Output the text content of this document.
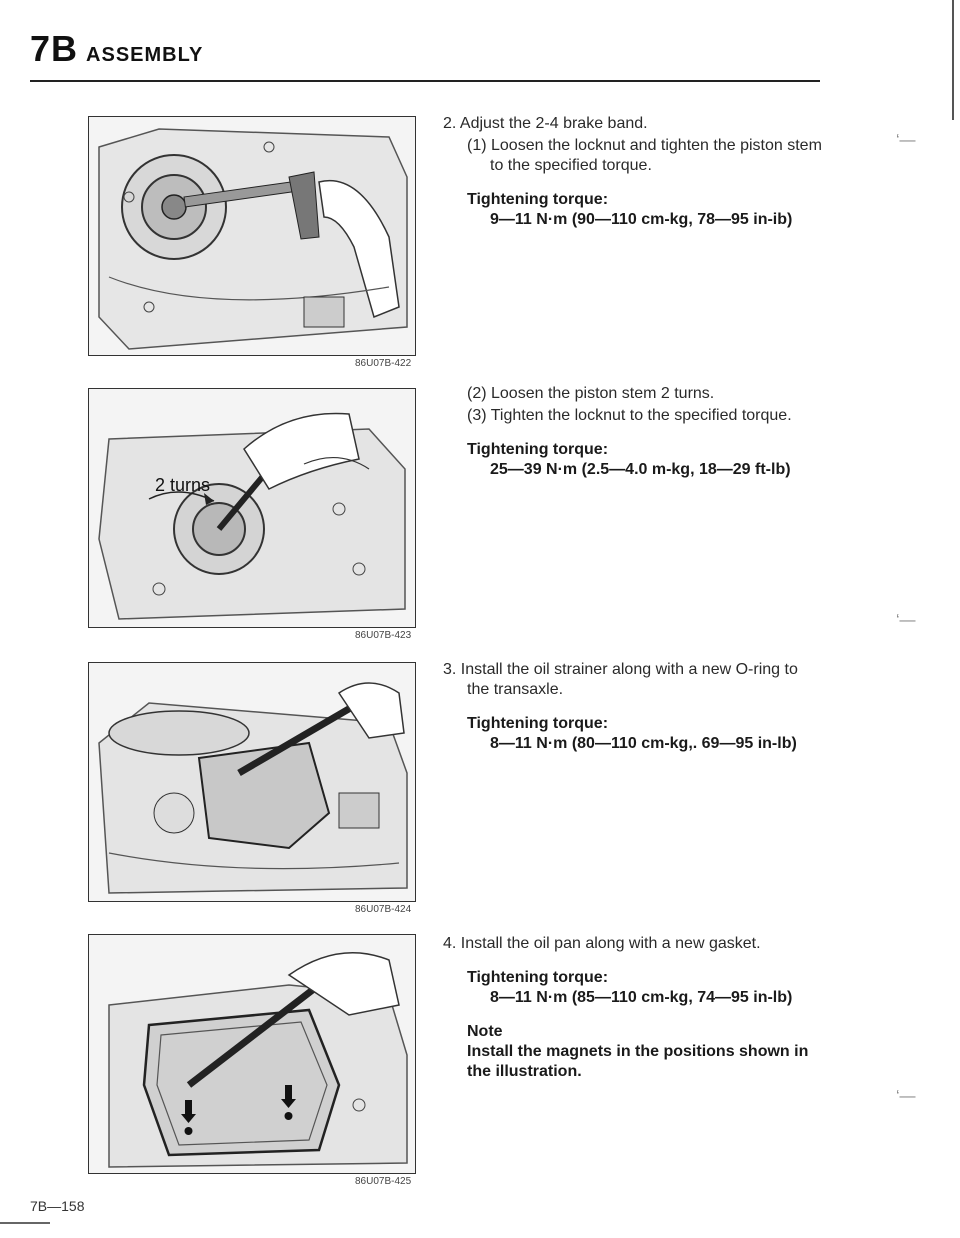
7B ASSEMBLY
86U07B-422
2 turns
86U07B-423
86U07B-424
86U07B-425
2. Adjust the 2-4 brake band.
(1) Loosen the locknut and tighten the piston stem
to the specified torque.
Tightening torque:
9—11 N·m (90—110 cm-kg, 78—95 in-ib)
(2) Loosen the piston stem 2 turns.
(3) Tighten the locknut to the specified torque.
Tightening torque:
25—39 N·m (2.5—4.0 m-kg, 18—29 ft-lb)
3. Install the oil strainer along with a new O-ring to
the transaxle.
Tightening torque:
8—11 N·m (80—110 cm-kg,. 69—95 in-lb)
4. Install the oil pan along with a new gasket.
Tightening torque:
8—11 N·m (85—110 cm-kg, 74—95 in-lb)
Note
Install the magnets in the positions shown in
the illustration.
‘—
‘—
‘—
7B—158
